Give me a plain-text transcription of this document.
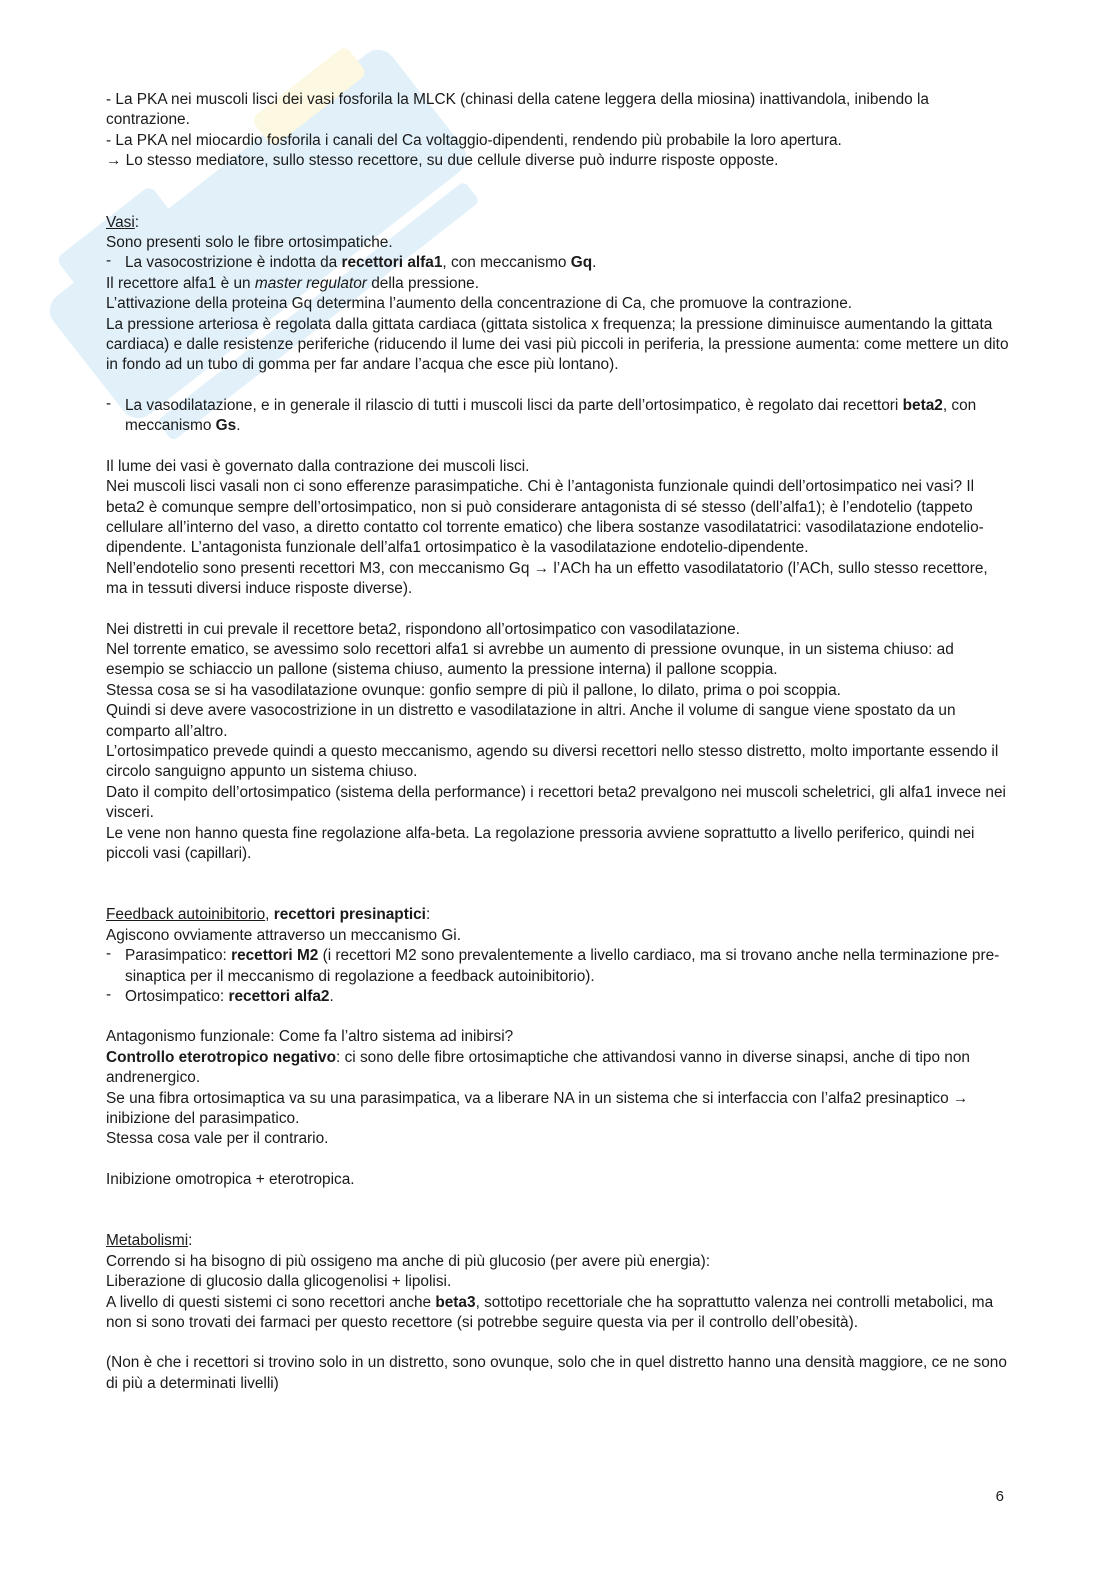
- La PKA nei muscoli lisci dei vasi fosforila la MLCK (chinasi della catene leggera della miosina) inattivandola, inibendo la contrazione.

- La PKA nel miocardio fosforila i canali del Ca voltaggio-dipendenti, rendendo più probabile la loro apertura.

→ Lo stesso mediatore, sullo stesso recettore, su due cellule diverse può indurre risposte opposte.

Vasi:

Sono presenti solo le fibre ortosimpatiche.

- La vasocostrizione è indotta da recettori alfa1, con meccanismo Gq.

Il recettore alfa1 è un master regulator della pressione.

L’attivazione della proteina Gq determina l’aumento della concentrazione di Ca, che promuove la contrazione.

La pressione arteriosa è regolata dalla gittata cardiaca (gittata sistolica x frequenza; la pressione diminuisce aumentando la gittata cardiaca) e dalle resistenze periferiche (riducendo il lume dei vasi più piccoli in periferia, la pressione aumenta: come mettere un dito in fondo ad un tubo di gomma per far andare l’acqua che esce più lontano).

- La vasodilatazione, e in generale il rilascio di tutti i muscoli lisci da parte dell’ortosimpatico, è regolato dai recettori beta2, con meccanismo Gs.

Il lume dei vasi è governato dalla contrazione dei muscoli lisci.

Nei muscoli lisci vasali non ci sono efferenze parasimpatiche. Chi è l’antagonista funzionale quindi dell’ortosimpatico nei vasi? Il beta2 è comunque sempre dell’ortosimpatico, non si può considerare antagonista di sé stesso (dell’alfa1); è l’endotelio (tappeto cellulare all’interno del vaso, a diretto contatto col torrente ematico) che libera sostanze vasodilatatrici: vasodilatazione endotelio-dipendente. L’antagonista funzionale dell’alfa1 ortosimpatico è la vasodilatazione endotelio-dipendente.

Nell’endotelio sono presenti recettori M3, con meccanismo Gq → l’ACh ha un effetto vasodilatatorio (l’ACh, sullo stesso recettore, ma in tessuti diversi induce risposte diverse).

Nei distretti in cui prevale il recettore beta2, rispondono all’ortosimpatico con vasodilatazione.

Nel torrente ematico, se avessimo solo recettori alfa1 si avrebbe un aumento di pressione ovunque, in un sistema chiuso: ad esempio se schiaccio un pallone (sistema chiuso, aumento la pressione interna) il pallone scoppia.

Stessa cosa se si ha vasodilatazione ovunque: gonfio sempre di più il pallone, lo dilato, prima o poi scoppia.

Quindi si deve avere vasocostrizione in un distretto e vasodilatazione in altri. Anche il volume di sangue viene spostato da un comparto all’altro.

L’ortosimpatico prevede quindi a questo meccanismo, agendo su diversi recettori nello stesso distretto, molto importante essendo il circolo sanguigno appunto un sistema chiuso.

Dato il compito dell’ortosimpatico (sistema della performance) i recettori beta2 prevalgono nei muscoli scheletrici, gli alfa1 invece nei visceri.

Le vene non hanno questa fine regolazione alfa-beta. La regolazione pressoria avviene soprattutto a livello periferico, quindi nei piccoli vasi (capillari).

Feedback autoinibitorio, recettori presinaptici:

Agiscono ovviamente attraverso un meccanismo Gi.

- Parasimpatico: recettori M2 (i recettori M2 sono prevalentemente a livello cardiaco, ma si trovano anche nella terminazione pre-sinaptica per il meccanismo di regolazione a feedback autoinibitorio).
- Ortosimpatico: recettori alfa2.

Antagonismo funzionale: Come fa l’altro sistema ad inibirsi?

Controllo eterotropico negativo: ci sono delle fibre ortosimaptiche che attivandosi vanno in diverse sinapsi, anche di tipo non andrenergico.

Se una fibra ortosimaptica va su una parasimpatica, va a liberare NA in un sistema che si interfaccia con l’alfa2 presinaptico → inibizione del parasimpatico.

Stessa cosa vale per il contrario.

Inibizione omotropica + eterotropica.

Metabolismi:

Correndo si ha bisogno di più ossigeno ma anche di più glucosio (per avere più energia):

Liberazione di glucosio dalla glicogenolisi + lipolisi.

A livello di questi sistemi ci sono recettori anche beta3, sottotipo recettoriale che ha soprattutto valenza nei controlli metabolici, ma non si sono trovati dei farmaci per questo recettore (si potrebbe seguire questa via per il controllo dell’obesità).

(Non è che i recettori si trovino solo in un distretto, sono ovunque, solo che in quel distretto hanno una densità maggiore, ce ne sono di più a determinati livelli)

6
